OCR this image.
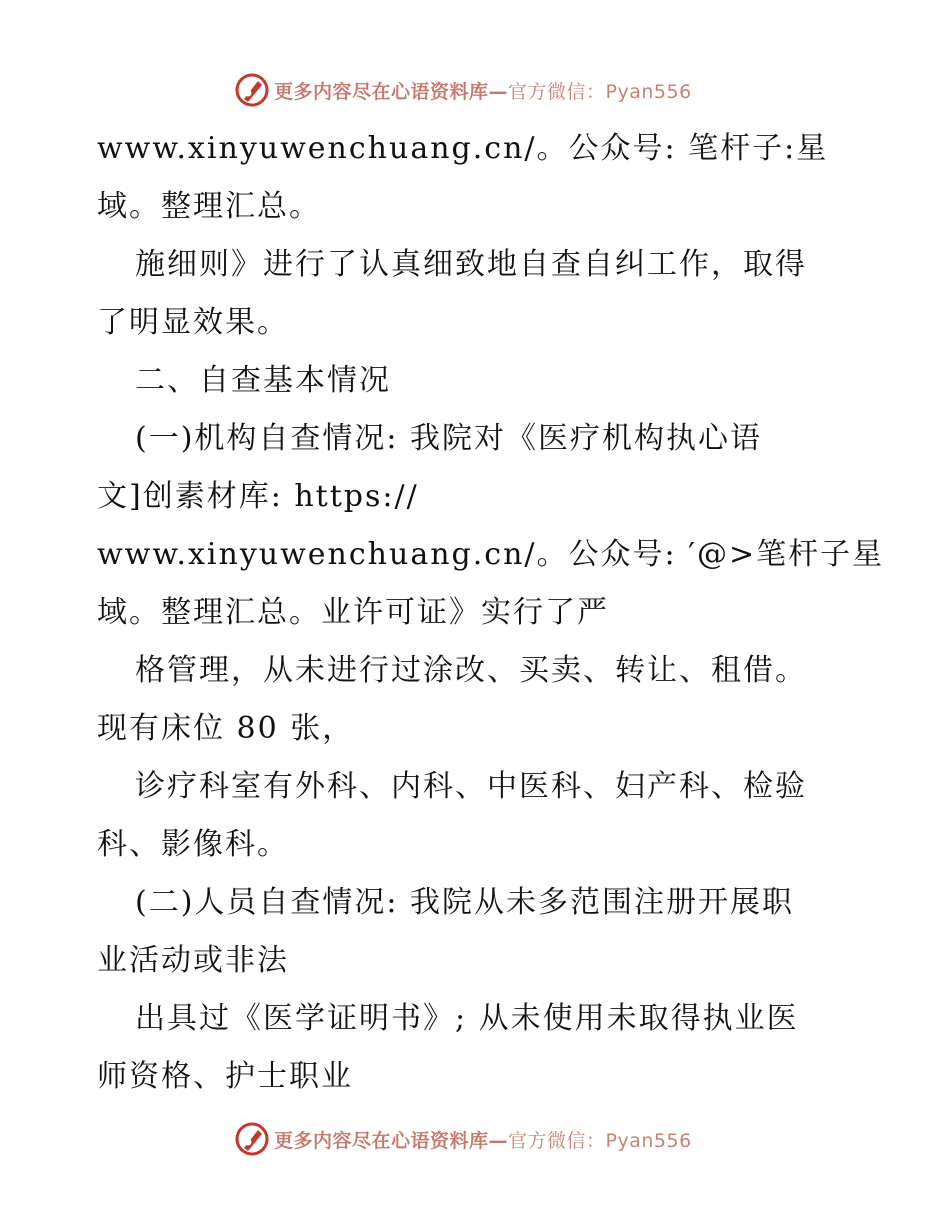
更多内容尽在心语资料库—官方微信：Pyan556
www.xinyuwenchuang.cn/。公众号: 笔杆子:星
域。整理汇总。
施细则》进行了认真细致地自查自纠工作，取得
了明显效果。
二、自查基本情况
(一)机构自查情况: 我院对《医疗机构执心语
文]创素材库: https://
www.xinyuwenchuang.cn/。公众号: ′@>笔杆子星
域。整理汇总。业许可证》实行了严
格管理，从未进行过涂改、买卖、转让、租借。
现有床位 80 张，
诊疗科室有外科、内科、中医科、妇产科、检验
科、影像科。
(二)人员自查情况: 我院从未多范围注册开展职
业活动或非法
出具过《医学证明书》; 从未使用未取得执业医
师资格、护士职业
更多内容尽在心语资料库—官方微信：Pyan556
